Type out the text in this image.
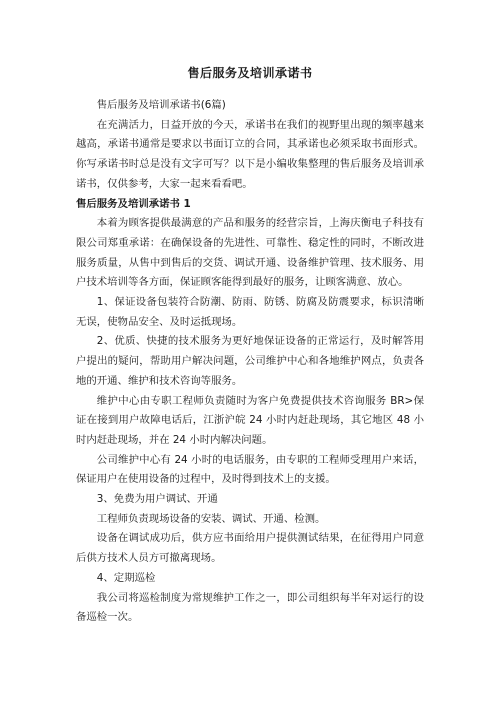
售后服务及培训承诺书

售后服务及培训承诺书(6篇)

在充满活力，日益开放的今天，承诺书在我们的视野里出现的频率越来越高，承诺书通常是要求以书面订立的合同，其承诺也必须采取书面形式。你写承诺书时总是没有文字可写？以下是小编收集整理的售后服务及培训承诺书，仅供参考，大家一起来看看吧。

售后服务及培训承诺书 1

本着为顾客提供最满意的产品和服务的经营宗旨，上海庆衡电子科技有限公司郑重承诺：在确保设备的先进性、可靠性、稳定性的同时，不断改进服务质量，从售中到售后的交货、调试开通、设备维护管理、技术服务、用户技术培训等各方面，保证顾客能得到最好的服务，让顾客满意、放心。

1、保证设备包装符合防潮、防雨、防锈、防腐及防震要求，标识清晰无误，使物品安全、及时运抵现场。

2、优质、快捷的技术服务为更好地保证设备的正常运行，及时解答用户提出的疑问，帮助用户解决问题，公司维护中心和各地维护网点，负责各地的开通、维护和技术咨询等服务。

维护中心由专职工程师负责随时为客户免费提供技术咨询服务 BR>保证在接到用户故障电话后，江浙沪皖 24 小时内赶赴现场，其它地区 48 小时内赶赴现场，并在 24 小时内解决问题。

公司维护中心有 24 小时的电话服务，由专职的工程师受理用户来话，保证用户在使用设备的过程中，及时得到技术上的支援。

3、免费为用户调试、开通

工程师负责现场设备的安装、调试、开通、检测。

设备在调试成功后，供方应书面给用户提供测试结果，在征得用户同意后供方技术人员方可撤离现场。

4、定期巡检

我公司将巡检制度为常规维护工作之一，即公司组织每半年对运行的设备巡检一次。
